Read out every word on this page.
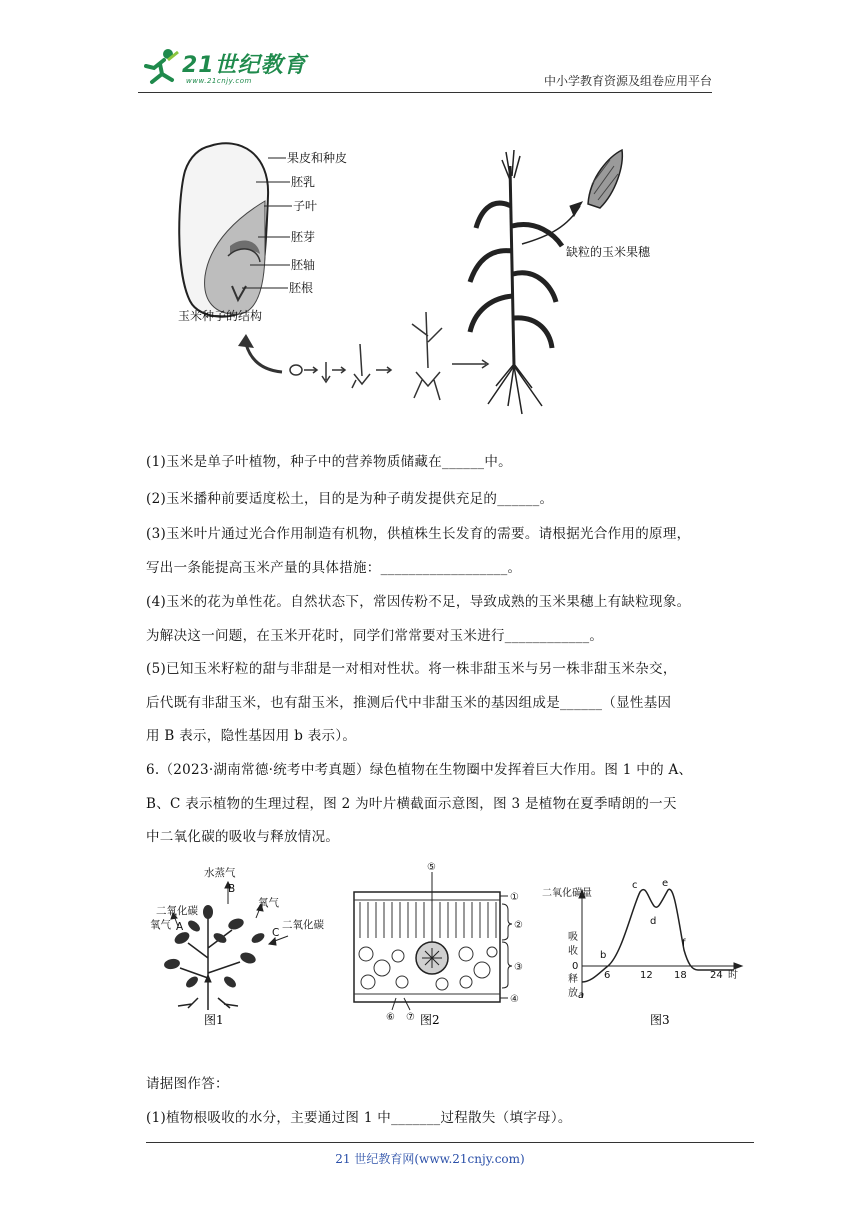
21世纪教育
www.21cnjy.com	中小学教育资源及组卷应用平台
果皮和种皮
胚乳
子叶
胚芽
胚轴
胚根
玉米种子的结构
缺粒的玉米果穗
(1)玉米是单子叶植物，种子中的营养物质储藏在______中。
(2)玉米播种前要适度松土，目的是为种子萌发提供充足的______。
(3)玉米叶片通过光合作用制造有机物，供植株生长发育的需要。请根据光合作用的原理，
写出一条能提高玉米产量的具体措施：__________________。
(4)玉米的花为单性花。自然状态下，常因传粉不足，导致成熟的玉米果穗上有缺粒现象。
为解决这一问题，在玉米开花时，同学们常常要对玉米进行____________。
(5)已知玉米籽粒的甜与非甜是一对相对性状。将一株非甜玉米与另一株非甜玉米杂交，
后代既有非甜玉米，也有甜玉米，推测后代中非甜玉米的基因组成是______（显性基因
用 B 表示，隐性基因用 b 表示）。
6.（2023·湖南常德·统考中考真题）绿色植物在生物圈中发挥着巨大作用。图 1 中的 A、
B、C 表示植物的生理过程，图 2 为叶片横截面示意图，图 3 是植物在夏季晴朗的一天
中二氧化碳的吸收与释放情况。
水蒸气
B
二氧化碳
氧气 A
氧气
二氧化碳
C
图1
⑤
①
②
③
④
⑥ ⑦ 图2
二氧化碳量
吸
收
0
释
放
6	12 18 24 时
a
b
c
d
e
f
图3
请据图作答：
(1)植物根吸收的水分，主要通过图 1 中_______过程散失（填字母）。
21 世纪教育网(www.21cnjy.com)
